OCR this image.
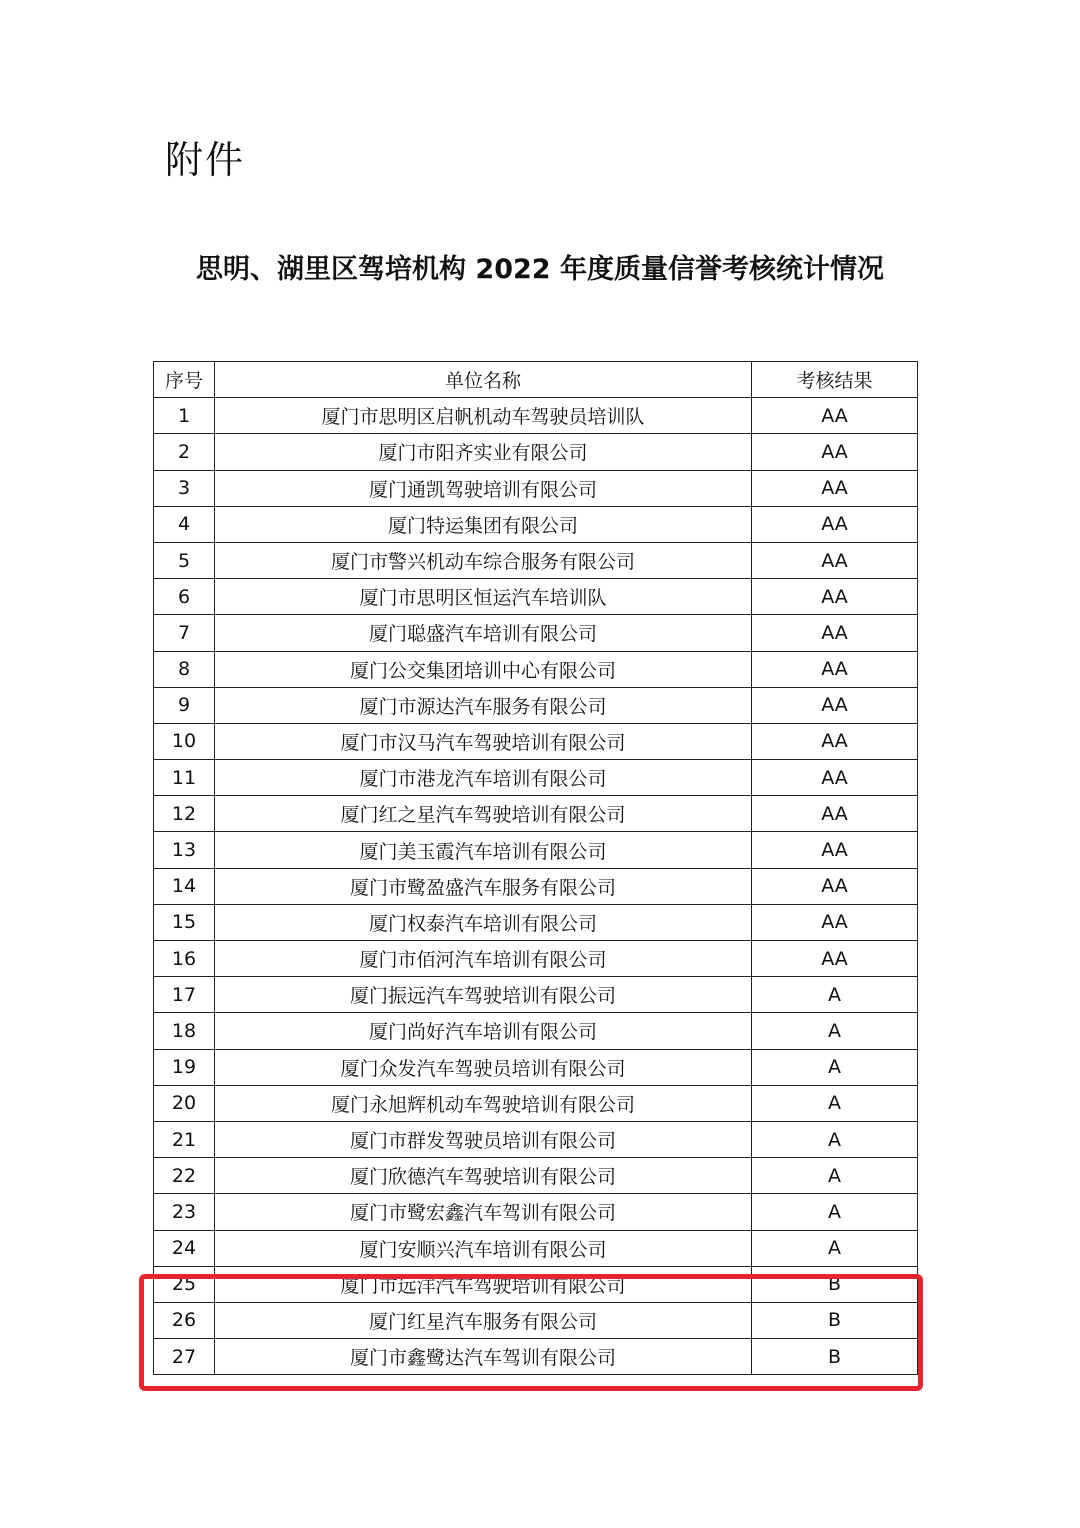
附件
思明、湖里区驾培机构 2022 年度质量信誉考核统计情况
序号	单位名称	考核结果
1	厦门市思明区启帆机动车驾驶员培训队	AA
2	厦门市阳齐实业有限公司	AA
3	厦门通凯驾驶培训有限公司	AA
4	厦门特运集团有限公司	AA
5	厦门市警兴机动车综合服务有限公司	AA
6	厦门市思明区恒运汽车培训队	AA
7	厦门聪盛汽车培训有限公司	AA
8	厦门公交集团培训中心有限公司	AA
9	厦门市源达汽车服务有限公司	AA
10	厦门市汉马汽车驾驶培训有限公司	AA
11	厦门市港龙汽车培训有限公司	AA
12	厦门红之星汽车驾驶培训有限公司	AA
13	厦门美玉霞汽车培训有限公司	AA
14	厦门市鹭盈盛汽车服务有限公司	AA
15	厦门权泰汽车培训有限公司	AA
16	厦门市佰河汽车培训有限公司	AA
17	厦门振远汽车驾驶培训有限公司	A
18	厦门尚好汽车培训有限公司	A
19	厦门众发汽车驾驶员培训有限公司	A
20	厦门永旭辉机动车驾驶培训有限公司	A
21	厦门市群发驾驶员培训有限公司	A
22	厦门欣德汽车驾驶培训有限公司	A
23	厦门市鹭宏鑫汽车驾训有限公司	A
24	厦门安顺兴汽车培训有限公司	A
25	厦门市远洋汽车驾驶培训有限公司	B
26	厦门红星汽车服务有限公司	B
27	厦门市鑫鹭达汽车驾训有限公司	B
